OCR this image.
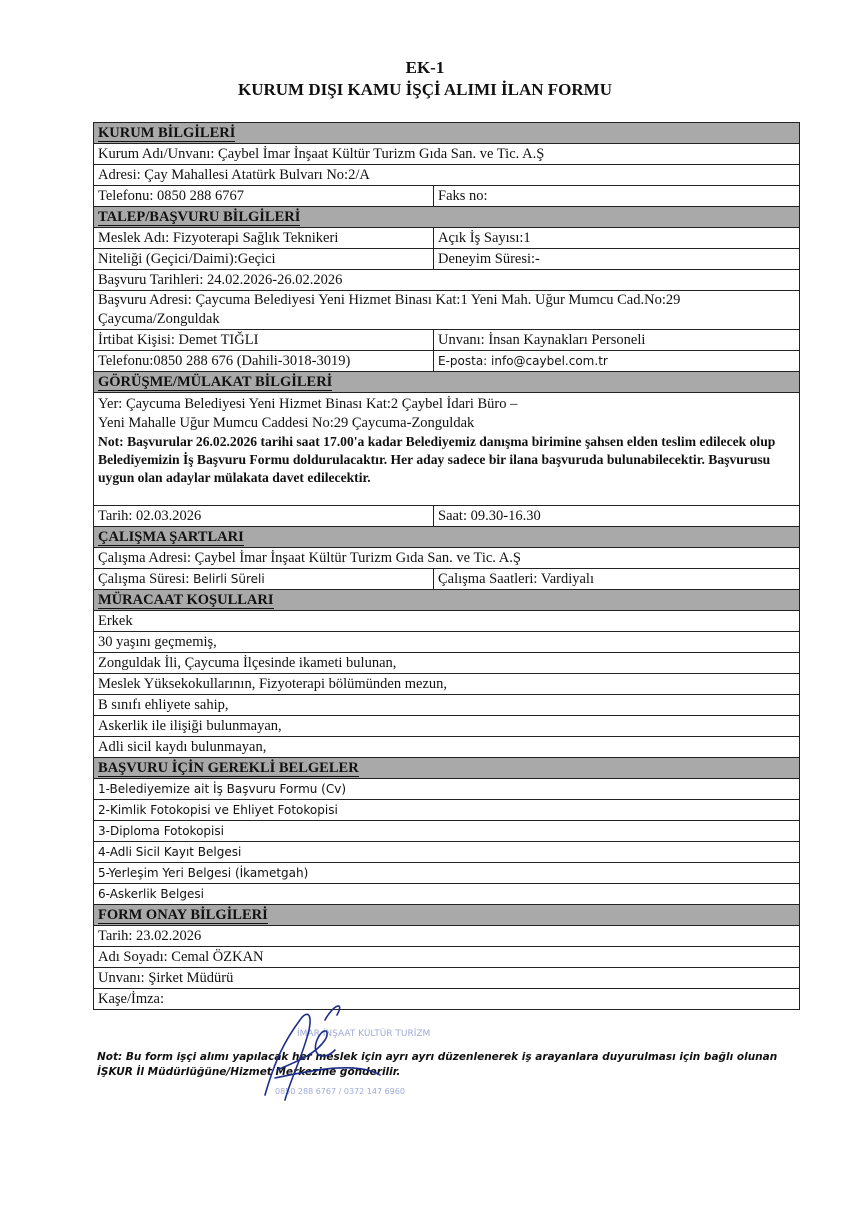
EK-1
KURUM DIŞI KAMU İŞÇİ ALIMI İLAN FORMU
KURUM BİLGİLERİ	
Kurum Adı/Unvanı: Çaybel İmar İnşaat Kültür Turizm Gıda San. ve Tic. A.Ş	
Adresi: Çay Mahallesi Atatürk Bulvarı No:2/A	
Telefonu: 0850 288 6767	Faks no:
TALEP/BAŞVURU BİLGİLERİ	
Meslek Adı: Fizyoterapi Sağlık Teknikeri	Açık İş Sayısı:1
Niteliği (Geçici/Daimi):Geçici	Deneyim Süresi:-
Başvuru Tarihleri: 24.02.2026-26.02.2026	
Başvuru Adresi: Çaycuma Belediyesi Yeni Hizmet Binası Kat:1 Yeni Mah. Uğur Mumcu Cad.No:29 Çaycuma/Zonguldak	
İrtibat Kişisi: Demet TIĞLI	Unvanı: İnsan Kaynakları Personeli
Telefonu:0850 288 676 (Dahili-3018-3019)	E-posta: info@caybel.com.tr
GÖRÜŞME/MÜLAKAT BİLGİLERİ	

Yer: Çaycuma Belediyesi Yeni Hizmet Binası Kat:2 Çaybel İdari Büro –
Yeni Mahalle Uğur Mumcu Caddesi No:29 Çaycuma-Zonguldak
Not: Başvurular 26.02.2026 tarihi saat 17.00'a kadar Belediyemiz danışma birimine şahsen elden teslim edilecek olup Belediyemizin İş Başvuru Formu doldurulacaktır. Her aday sadece bir ilana başvuruda bulunabilecektir. Başvurusu uygun olan adaylar mülakata davet edilecektir.	

Tarih: 02.03.2026	Saat: 09.30-16.30
ÇALIŞMA ŞARTLARI	
Çalışma Adresi: Çaybel İmar İnşaat Kültür Turizm Gıda San. ve Tic. A.Ş	
Çalışma Süresi: Belirli Süreli	Çalışma Saatleri: Vardiyalı
MÜRACAAT KOŞULLARI	
Erkek	
30 yaşını geçmemiş,	
Zonguldak İli, Çaycuma İlçesinde ikameti bulunan,	
Meslek Yüksekokullarının, Fizyoterapi bölümünden mezun,	
B sınıfı ehliyete sahip,	
Askerlik ile ilişiği bulunmayan,	
Adli sicil kaydı bulunmayan,	
BAŞVURU İÇİN GEREKLİ BELGELER	
1-Belediyemize ait İş Başvuru Formu (Cv)	
2-Kimlik Fotokopisi ve Ehliyet Fotokopisi	
3-Diploma Fotokopisi	
4-Adli Sicil Kayıt Belgesi	
5-Yerleşim Yeri Belgesi (İkametgah)	
6-Askerlik Belgesi	
FORM ONAY BİLGİLERİ	
Tarih: 23.02.2026	
Adı Soyadı: Cemal ÖZKAN	
Unvanı: Şirket Müdürü	
Kaşe/İmza:	
Not: Bu form işçi alımı yapılacak her meslek için ayrı ayrı düzenlenerek iş arayanlara duyurulması için bağlı olunan İŞKUR İl Müdürlüğüne/Hizmet Merkezine gönderilir.
İMAR İNŞAAT KÜLTÜR TURİZM
0850 288 6767 / 0372 147 6960
